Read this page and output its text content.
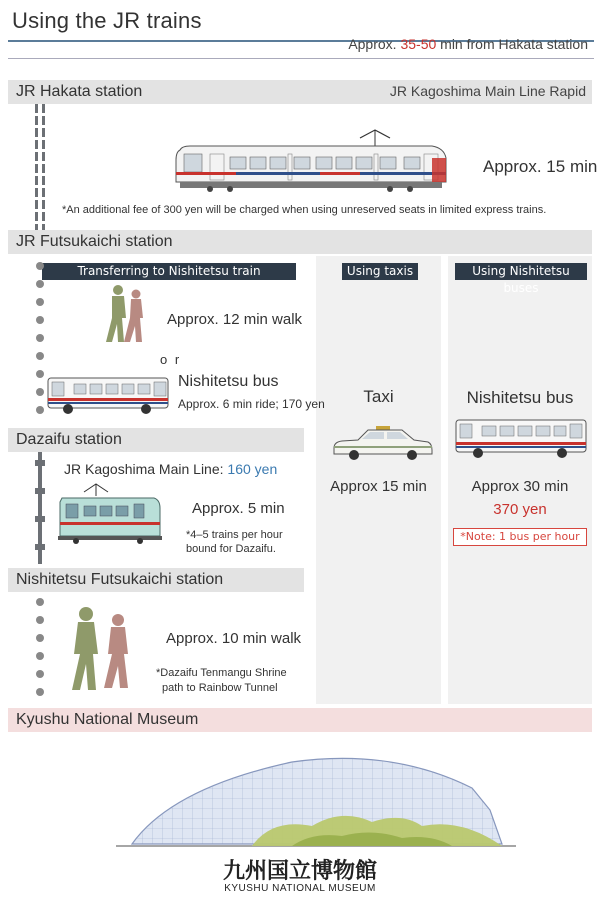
Using the JR trains
Approx. 35-50 min from Hakata station
JR Hakata station	JR Kagoshima Main Line Rapid
Approx. 15 min
*An additional fee of 300 yen will be charged when using unreserved seats in limited express trains.
JR Futsukaichi station
Transferring to Nishitetsu train	Using taxis	Using Nishitetsu buses
Approx. 12 min walk
o r
Nishitetsu bus
Approx. 6 min ride; 170 yen	Taxi
Approx 15 min
Nishitetsu bus
Approx 30 min
370 yen
*Note: 1 bus per hour
Dazaifu station
JR Kagoshima Main Line: 160 yen
Approx. 5 min
*4–5 trains per hour
bound for Dazaifu.
Nishitetsu Futsukaichi station
Approx. 10 min walk
*Dazaifu Tenmangu Shrine
path to Rainbow Tunnel
Kyushu National Museum
九州国立博物館
KYUSHU NATIONAL MUSEUM
